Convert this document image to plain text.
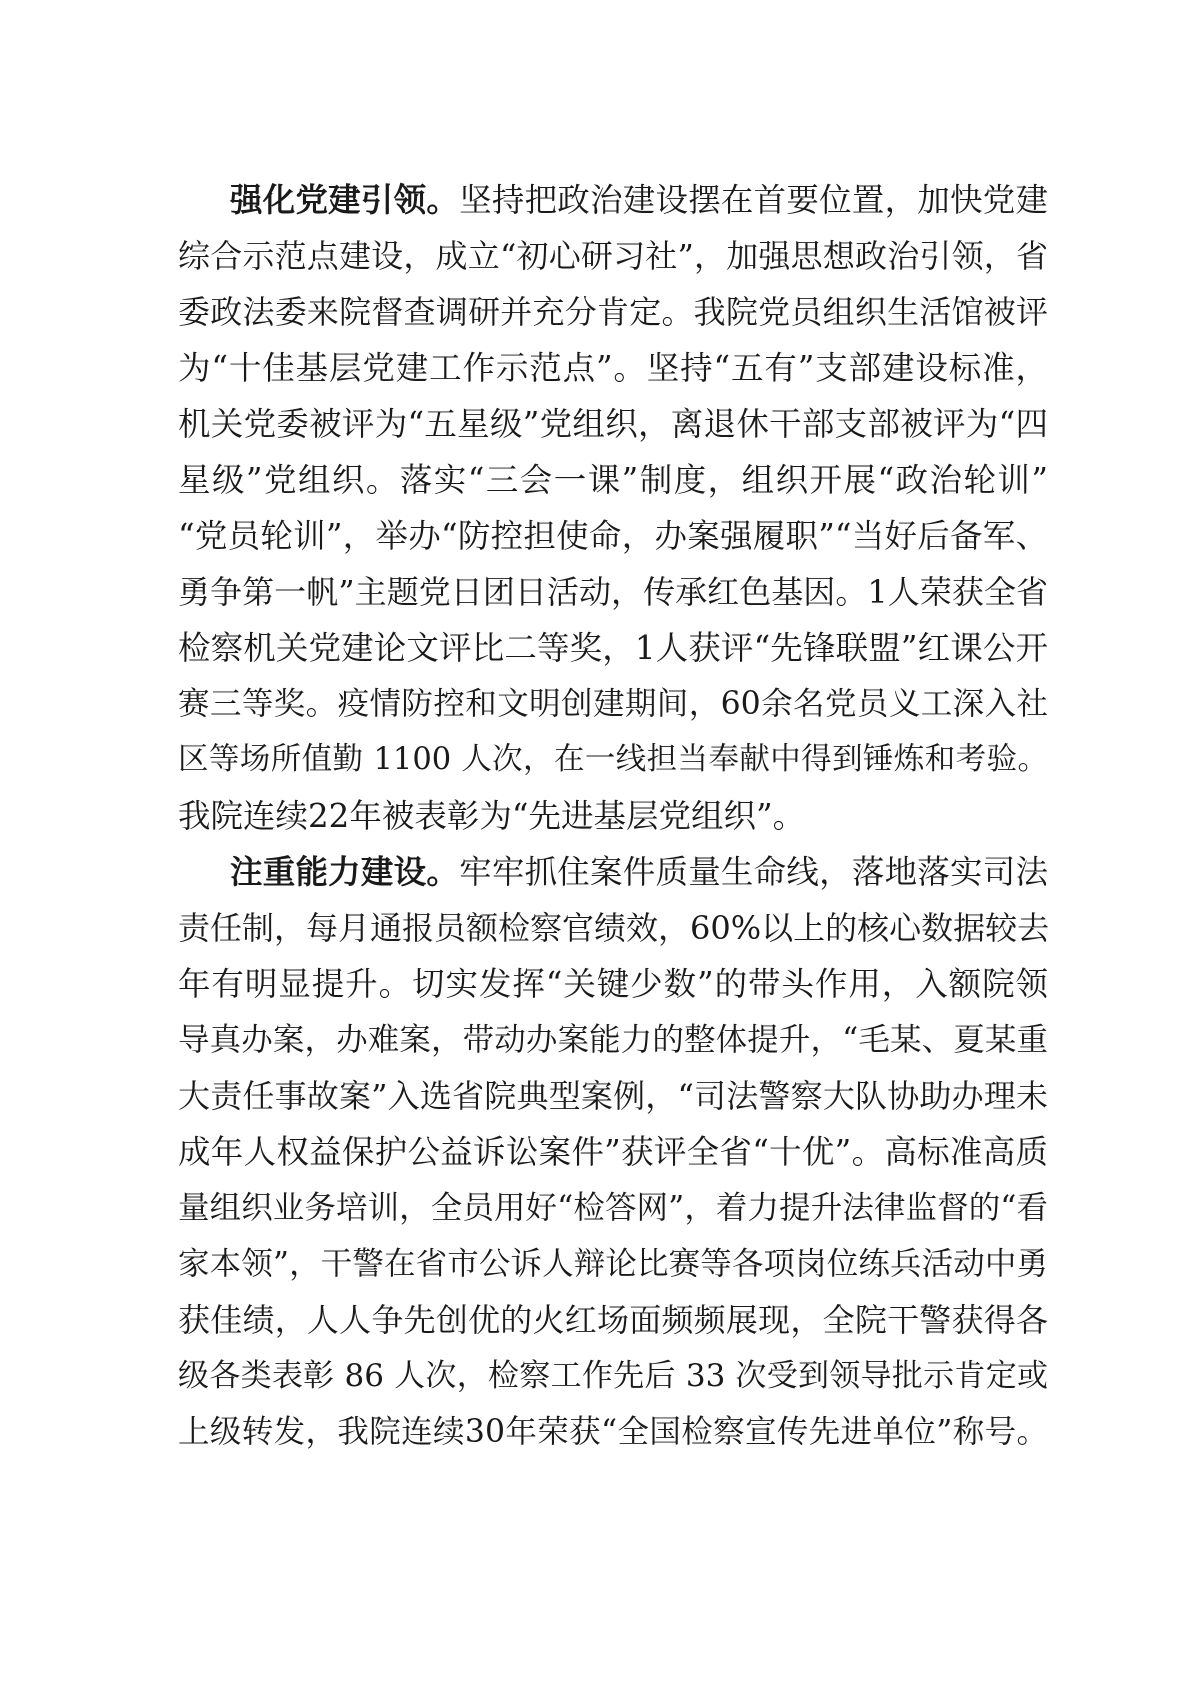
强化党建引领。坚持把政治建设摆在首要位置，加快党建
综合示范点建设，成立“初心研习社”，加强思想政治引领，省
委政法委来院督查调研并充分肯定。我院党员组织生活馆被评
为“十佳基层党建工作示范点”。坚持“五有”支部建设标准，
机关党委被评为“五星级”党组织，离退休干部支部被评为“四
星级”党组织。落实“三会一课”制度，组织开展“政治轮训”
“党员轮训”，举办“防控担使命，办案强履职”“当好后备军、
勇争第一帆”主题党日团日活动，传承红色基因。1人荣获全省
检察机关党建论文评比二等奖，1人获评“先锋联盟”红课公开
赛三等奖。疫情防控和文明创建期间，60余名党员义工深入社
区等场所值勤 1100 人次，在一线担当奉献中得到锤炼和考验。
我院连续22年被表彰为“先进基层党组织”。
注重能力建设。牢牢抓住案件质量生命线，落地落实司法
责任制，每月通报员额检察官绩效，60%以上的核心数据较去
年有明显提升。切实发挥“关键少数”的带头作用，入额院领
导真办案，办难案，带动办案能力的整体提升，“毛某、夏某重
大责任事故案”入选省院典型案例，“司法警察大队协助办理未
成年人权益保护公益诉讼案件”获评全省“十优”。高标准高质
量组织业务培训，全员用好“检答网”，着力提升法律监督的“看
家本领”，干警在省市公诉人辩论比赛等各项岗位练兵活动中勇
获佳绩，人人争先创优的火红场面频频展现，全院干警获得各
级各类表彰 86 人次，检察工作先后 33 次受到领导批示肯定或
上级转发，我院连续30年荣获“全国检察宣传先进单位”称号。
